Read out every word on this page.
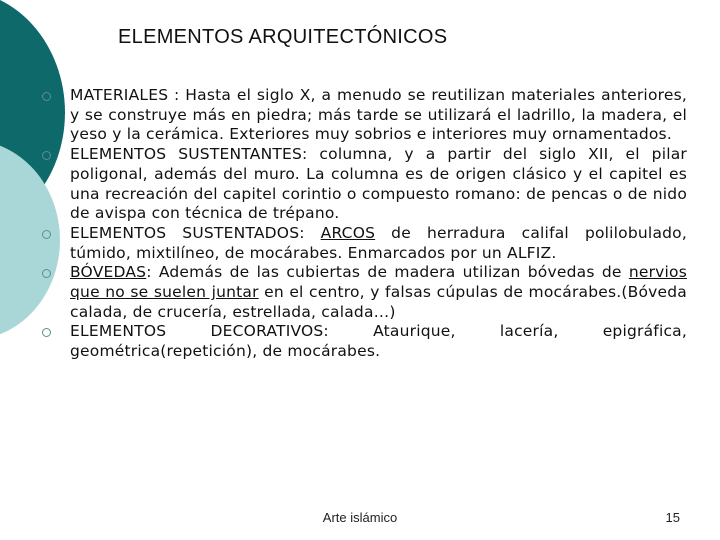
ELEMENTOS ARQUITECTÓNICOS
MATERIALES : Hasta el siglo X, a menudo se reutilizan materiales anteriores, y se construye más en piedra; más tarde se utilizará el ladrillo, la madera, el yeso y la cerámica. Exteriores muy sobrios e interiores muy ornamentados.
ELEMENTOS SUSTENTANTES: columna, y a partir del siglo XII, el pilar poligonal, además del muro. La columna es de origen clásico y el capitel es una recreación del capitel corintio o compuesto romano: de pencas o de nido de avispa con técnica de trépano.
ELEMENTOS SUSTENTADOS: ARCOS de herradura califal polilobulado, túmido, mixtilíneo, de mocárabes. Enmarcados por un ALFIZ.
BÓVEDAS: Además de las cubiertas de madera utilizan bóvedas de nervios que no se suelen juntar en el centro, y falsas cúpulas de mocárabes.(Bóveda calada, de crucería, estrellada, calada…)
ELEMENTOS DECORATIVOS: Ataurique, lacería, epigráfica, geométrica(repetición), de mocárabes.
Arte islámico	15
